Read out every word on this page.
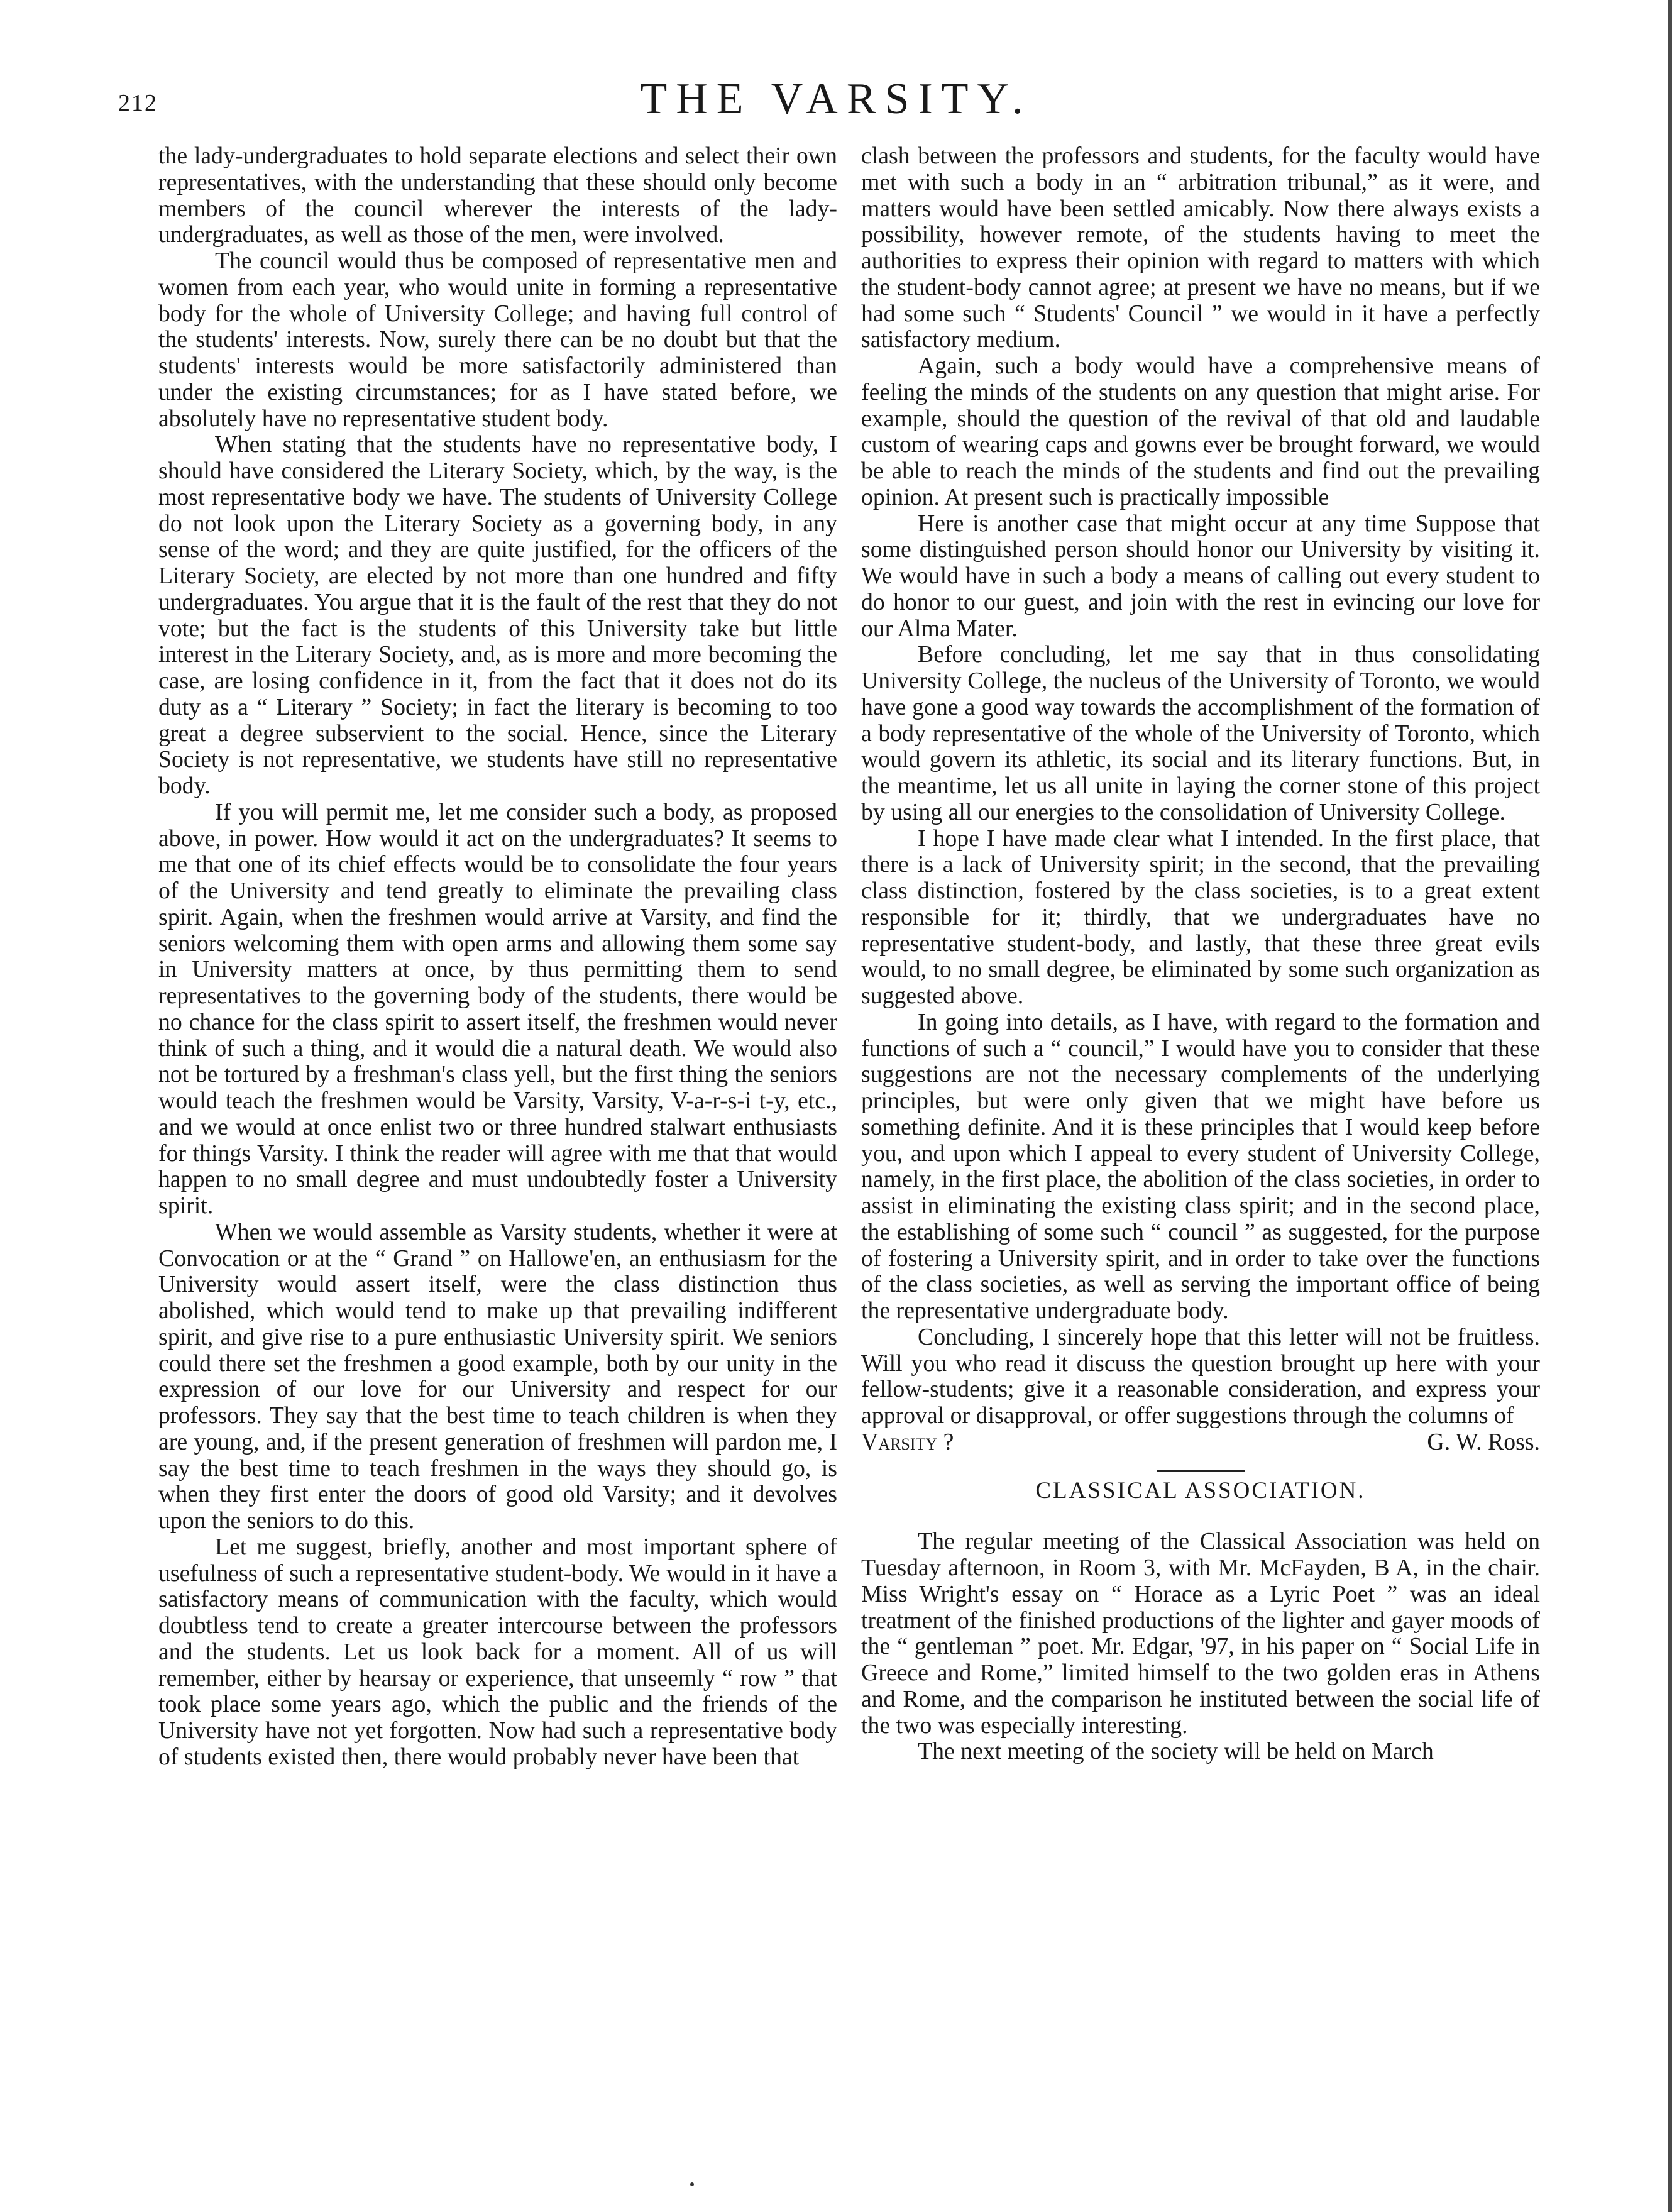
212	THE VARSITY.

the lady-undergraduates to hold separate elections and select their own representatives, with the understanding that these should only become members of the council wherever the interests of the lady-undergraduates, as well as those of the men, were involved.

The council would thus be composed of representative men and women from each year, who would unite in forming a representative body for the whole of University College; and having full control of the students' interests. Now, surely there can be no doubt but that the students' interests would be more satisfactorily administered than under the existing circumstances; for as I have stated before, we absolutely have no representative student body.

When stating that the students have no representative body, I should have considered the Literary Society, which, by the way, is the most representative body we have. The students of University College do not look upon the Literary Society as a governing body, in any sense of the word; and they are quite justified, for the officers of the Literary Society, are elected by not more than one hundred and fifty undergraduates. You argue that it is the fault of the rest that they do not vote; but the fact is the students of this University take but little interest in the Literary Society, and, as is more and more becoming the case, are losing confidence in it, from the fact that it does not do its duty as a “ Literary ” Society; in fact the literary is becoming to too great a degree subservient to the social. Hence, since the Literary Society is not representative, we students have still no representative body.

If you will permit me, let me consider such a body, as proposed above, in power. How would it act on the undergraduates? It seems to me that one of its chief effects would be to consolidate the four years of the University and tend greatly to eliminate the prevailing class spirit. Again, when the freshmen would arrive at Varsity, and find the seniors welcoming them with open arms and allowing them some say in University matters at once, by thus permitting them to send representatives to the governing body of the students, there would be no chance for the class spirit to assert itself, the freshmen would never think of such a thing, and it would die a natural death. We would also not be tortured by a freshman's class yell, but the first thing the seniors would teach the freshmen would be Varsity, Varsity, V-a-r-s-i t-y, etc., and we would at once enlist two or three hundred stalwart enthusiasts for things Varsity. I think the reader will agree with me that that would happen to no small degree and must undoubtedly foster a University spirit.

When we would assemble as Varsity students, whether it were at Convocation or at the “ Grand ” on Hallowe'en, an enthusiasm for the University would assert itself, were the class distinction thus abolished, which would tend to make up that prevailing indifferent spirit, and give rise to a pure enthusiastic University spirit. We seniors could there set the freshmen a good example, both by our unity in the expression of our love for our University and respect for our professors. They say that the best time to teach children is when they are young, and, if the present generation of freshmen will pardon me, I say the best time to teach freshmen in the ways they should go, is when they first enter the doors of good old Varsity; and it devolves upon the seniors to do this.

Let me suggest, briefly, another and most important sphere of usefulness of such a representative student-body. We would in it have a satisfactory means of communication with the faculty, which would doubtless tend to create a greater intercourse between the professors and the students. Let us look back for a moment. All of us will remember, either by hearsay or experience, that unseemly “ row ” that took place some years ago, which the public and the friends of the University have not yet forgotten. Now had such a representative body of students existed then, there would probably never have been that

clash between the professors and students, for the faculty would have met with such a body in an “ arbitration tribunal,” as it were, and matters would have been settled amicably. Now there always exists a possibility, however remote, of the students having to meet the authorities to express their opinion with regard to matters with which the student-body cannot agree; at present we have no means, but if we had some such “ Students' Council ” we would in it have a perfectly satisfactory medium.

Again, such a body would have a comprehensive means of feeling the minds of the students on any question that might arise. For example, should the question of the revival of that old and laudable custom of wearing caps and gowns ever be brought forward, we would be able to reach the minds of the students and find out the prevailing opinion. At present such is practically impossible

Here is another case that might occur at any time Suppose that some distinguished person should honor our University by visiting it. We would have in such a body a means of calling out every student to do honor to our guest, and join with the rest in evincing our love for our Alma Mater.

Before concluding, let me say that in thus consolidating University College, the nucleus of the University of Toronto, we would have gone a good way towards the accomplishment of the formation of a body representative of the whole of the University of Toronto, which would govern its athletic, its social and its literary functions. But, in the meantime, let us all unite in laying the corner stone of this project by using all our energies to the consolidation of University College.

I hope I have made clear what I intended. In the first place, that there is a lack of University spirit; in the second, that the prevailing class distinction, fostered by the class societies, is to a great extent responsible for it; thirdly, that we undergraduates have no representative student-body, and lastly, that these three great evils would, to no small degree, be eliminated by some such organization as suggested above.

In going into details, as I have, with regard to the formation and functions of such a “ council,” I would have you to consider that these suggestions are not the necessary complements of the underlying principles, but were only given that we might have before us something definite. And it is these principles that I would keep before you, and upon which I appeal to every student of University College, namely, in the first place, the abolition of the class societies, in order to assist in eliminating the existing class spirit; and in the second place, the establishing of some such “ council ” as suggested, for the purpose of fostering a University spirit, and in order to take over the functions of the class societies, as well as serving the important office of being the representative undergraduate body.

Concluding, I sincerely hope that this letter will not be fruitless. Will you who read it discuss the question brought up here with your fellow-students; give it a reasonable consideration, and express your approval or disapproval, or offer suggestions through the columns of

Varsity ?	G. W. Ross.
CLASSICAL ASSOCIATION.

The regular meeting of the Classical Association was held on Tuesday afternoon, in Room 3, with Mr. McFayden, B A, in the chair. Miss Wright's essay on “ Horace as a Lyric Poet ” was an ideal treatment of the finished productions of the lighter and gayer moods of the “ gentleman ” poet. Mr. Edgar, '97, in his paper on “ Social Life in Greece and Rome,” limited himself to the two golden eras in Athens and Rome, and the comparison he instituted between the social life of the two was especially interesting.

The next meeting of the society will be held on March
